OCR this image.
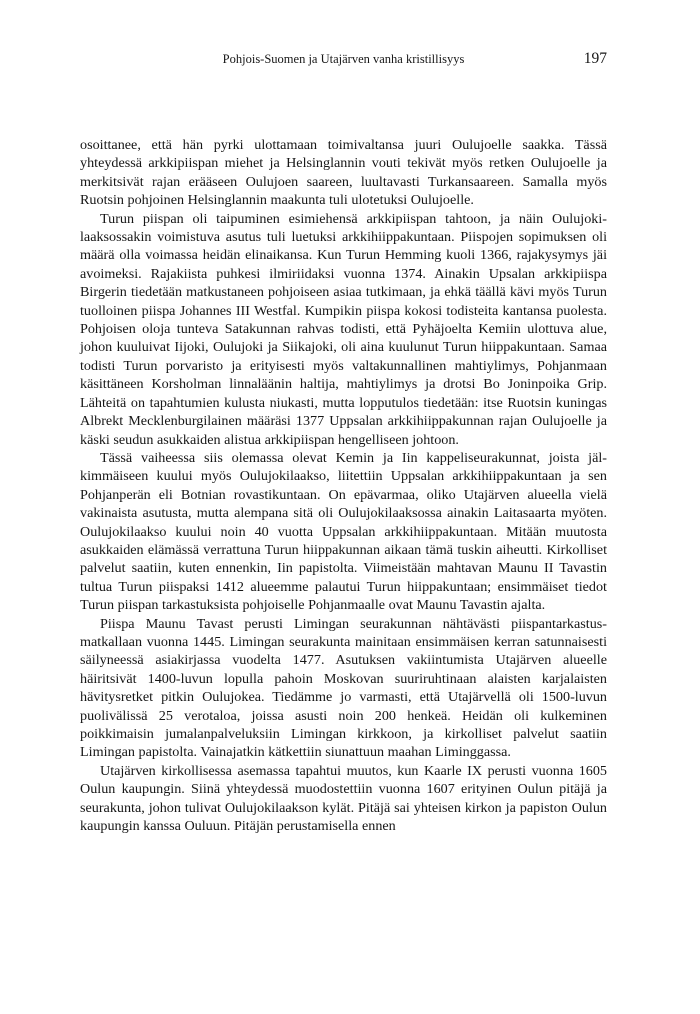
Pohjois-Suomen ja Utajärven vanha kristillisyys	197

osoittanee, että hän pyrki ulottamaan toimivaltansa juuri Oulujoelle saakka. Tässä yhteydessä arkkipiispan miehet ja Helsinglannin vouti tekivät myös retken Oulujoelle ja merkitsivät rajan erääseen Oulujoen saareen, luultavasti Turkansaareen. Samalla myös Ruotsin pohjoinen Helsinglannin maakunta tuli ulotetuksi Oulujoelle.

Turun piispan oli taipuminen esimiehensä arkkipiispan tahtoon, ja näin Oulujokilaaksossakin voimistuva asutus tuli luetuksi arkkihiippakuntaan. Piispojen sopimuksen oli määrä olla voimassa heidän elinaikansa. Kun Turun Hemming kuoli 1366, rajakysymys jäi avoimeksi. Rajakiista puhkesi ilmiriidaksi vuonna 1374. Ainakin Upsalan arkkipiispa Birgerin tiedetään matkustaneen pohjoiseen asiaa tutkimaan, ja ehkä täällä kävi myös Turun tuolloinen piispa Johannes III Westfal. Kumpikin piispa kokosi todisteita kantansa puolesta. Pohjoisen oloja tunteva Satakunnan rahvas todisti, että Pyhäjoelta Kemiin ulottuva alue, johon kuuluivat Iijoki, Oulujoki ja Siikajoki, oli aina kuulunut Turun hiippakuntaan. Samaa todisti Turun porvaristo ja erityisesti myös valtakunnallinen mahtiylimys, Pohjanmaan käsittäneen Korsholman linnaläänin haltija, mahtiylimys ja drotsi Bo Joninpoika Grip. Lähteitä on tapahtumien kulusta niukasti, mutta lopputulos tiedetään: itse Ruotsin kuningas Albrekt Mecklenburgilainen määräsi 1377 Uppsalan arkkihiippakunnan rajan Oulujoelle ja käski seudun asukkaiden alistua arkkipiispan hengelliseen johtoon.

Tässä vaiheessa siis olemassa olevat Kemin ja Iin kappeliseurakunnat, joista jälkimmäiseen kuului myös Oulujokilaakso, liitettiin Uppsalan arkkihiippakuntaan ja sen Pohjanperän eli Botnian rovastikuntaan. On epävarmaa, oliko Utajärven alueella vielä vakinaista asutusta, mutta alempana sitä oli Oulujokilaaksossa ainakin Laitasaarta myöten. Oulujokilaakso kuului noin 40 vuotta Uppsalan arkkihiippakuntaan. Mitään muutosta asukkaiden elämässä verrattuna Turun hiippakunnan aikaan tämä tuskin aiheutti. Kirkolliset palvelut saatiin, kuten ennenkin, Iin papistolta. Viimeistään mahtavan Maunu II Tavastin tultua Turun piispaksi 1412 alueemme palautui Turun hiippakuntaan; ensimmäiset tiedot Turun piispan tarkastuksista pohjoiselle Pohjanmaalle ovat Maunu Tavastin ajalta.

Piispa Maunu Tavast perusti Limingan seurakunnan nähtävästi piispantarkastusmatkallaan vuonna 1445. Limingan seurakunta mainitaan ensimmäisen kerran satunnaisesti säilyneessä asiakirjassa vuodelta 1477. Asutuksen vakiintumista Utajärven alueelle häiritsivät 1400-luvun lopulla pahoin Moskovan suuriruhtinaan alaisten karjalaisten hävitysretket pitkin Oulujokea. Tiedämme jo varmasti, että Utajärvellä oli 1500-luvun puolivälissä 25 verotaloa, joissa asusti noin 200 henkeä. Heidän oli kulkeminen poikkimaisin jumalanpalveluksiin Limingan kirkkoon, ja kirkolliset palvelut saatiin Limingan papistolta. Vainajatkin kätkettiin siunattuun maahan Liminggassa.

Utajärven kirkollisessa asemassa tapahtui muutos, kun Kaarle IX perusti vuonna 1605 Oulun kaupungin. Siinä yhteydessä muodostettiin vuonna 1607 erityinen Oulun pitäjä ja seurakunta, johon tulivat Oulujokilaakson kylät. Pitäjä sai yhteisen kirkon ja papiston Oulun kaupungin kanssa Ouluun. Pitäjän perustamisella ennen
